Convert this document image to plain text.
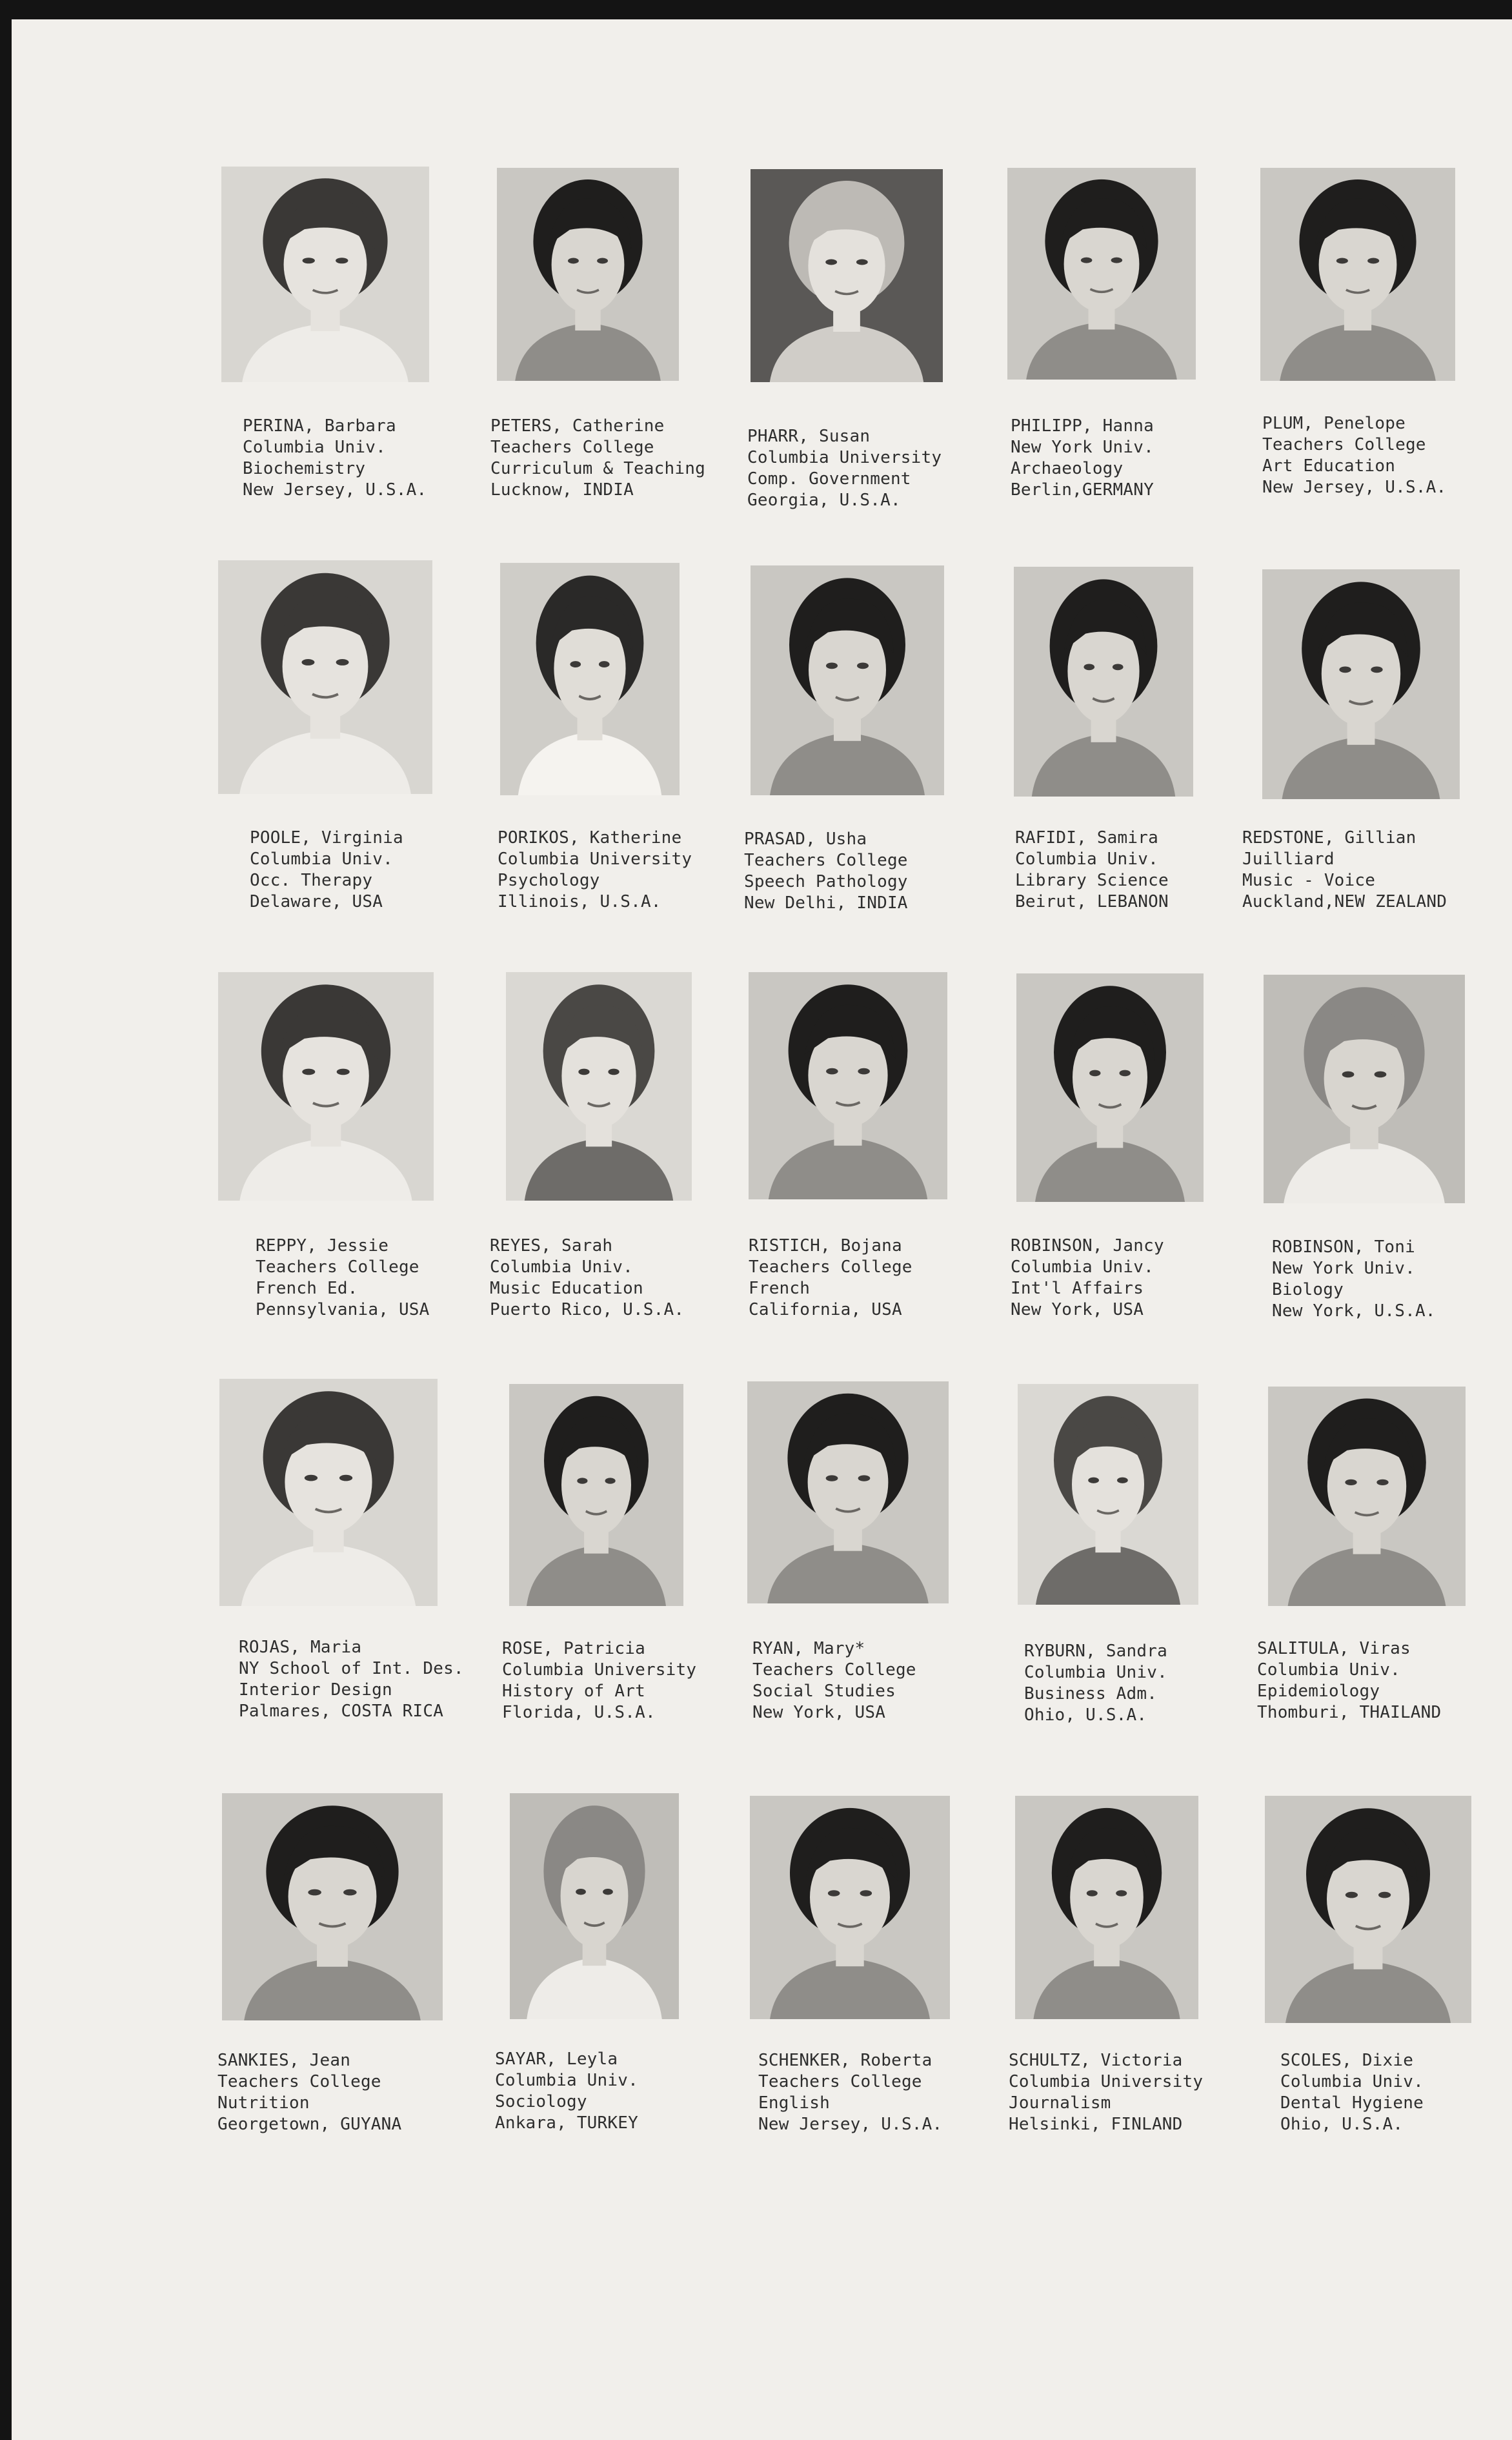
PERINA, Barbara
Columbia Univ.
Biochemistry
New Jersey, U.S.A.
PETERS, Catherine
Teachers College
Curriculum & Teaching
Lucknow, INDIA
PHARR, Susan
Columbia University
Comp. Government
Georgia, U.S.A.
PHILIPP, Hanna
New York Univ.
Archaeology
Berlin,GERMANY
PLUM, Penelope
Teachers College
Art Education
New Jersey, U.S.A.
POOLE, Virginia
Columbia Univ.
Occ. Therapy
Delaware, USA
PORIKOS, Katherine
Columbia University
Psychology
Illinois, U.S.A.
PRASAD, Usha
Teachers College
Speech Pathology
New Delhi, INDIA
RAFIDI, Samira
Columbia Univ.
Library Science
Beirut, LEBANON
REDSTONE, Gillian
Juilliard
Music - Voice
Auckland,NEW ZEALAND
REPPY, Jessie
Teachers College
French Ed.
Pennsylvania, USA
REYES, Sarah
Columbia Univ.
Music Education
Puerto Rico, U.S.A.
RISTICH, Bojana
Teachers College
French
California, USA
ROBINSON, Jancy
Columbia Univ.
Int'l Affairs
New York, USA
ROBINSON, Toni
New York Univ.
Biology
New York, U.S.A.
ROJAS, Maria
NY School of Int. Des.
Interior Design
Palmares, COSTA RICA
ROSE, Patricia
Columbia University
History of Art
Florida, U.S.A.
RYAN, Mary*
Teachers College
Social Studies
New York, USA
RYBURN, Sandra
Columbia Univ.
Business Adm.
Ohio, U.S.A.
SALITULA, Viras
Columbia Univ.
Epidemiology
Thomburi, THAILAND
SANKIES, Jean
Teachers College
Nutrition
Georgetown, GUYANA
SAYAR, Leyla
Columbia Univ.
Sociology
Ankara, TURKEY
SCHENKER, Roberta
Teachers College
English
New Jersey, U.S.A.
SCHULTZ, Victoria
Columbia University
Journalism
Helsinki, FINLAND
SCOLES, Dixie
Columbia Univ.
Dental Hygiene
Ohio, U.S.A.
